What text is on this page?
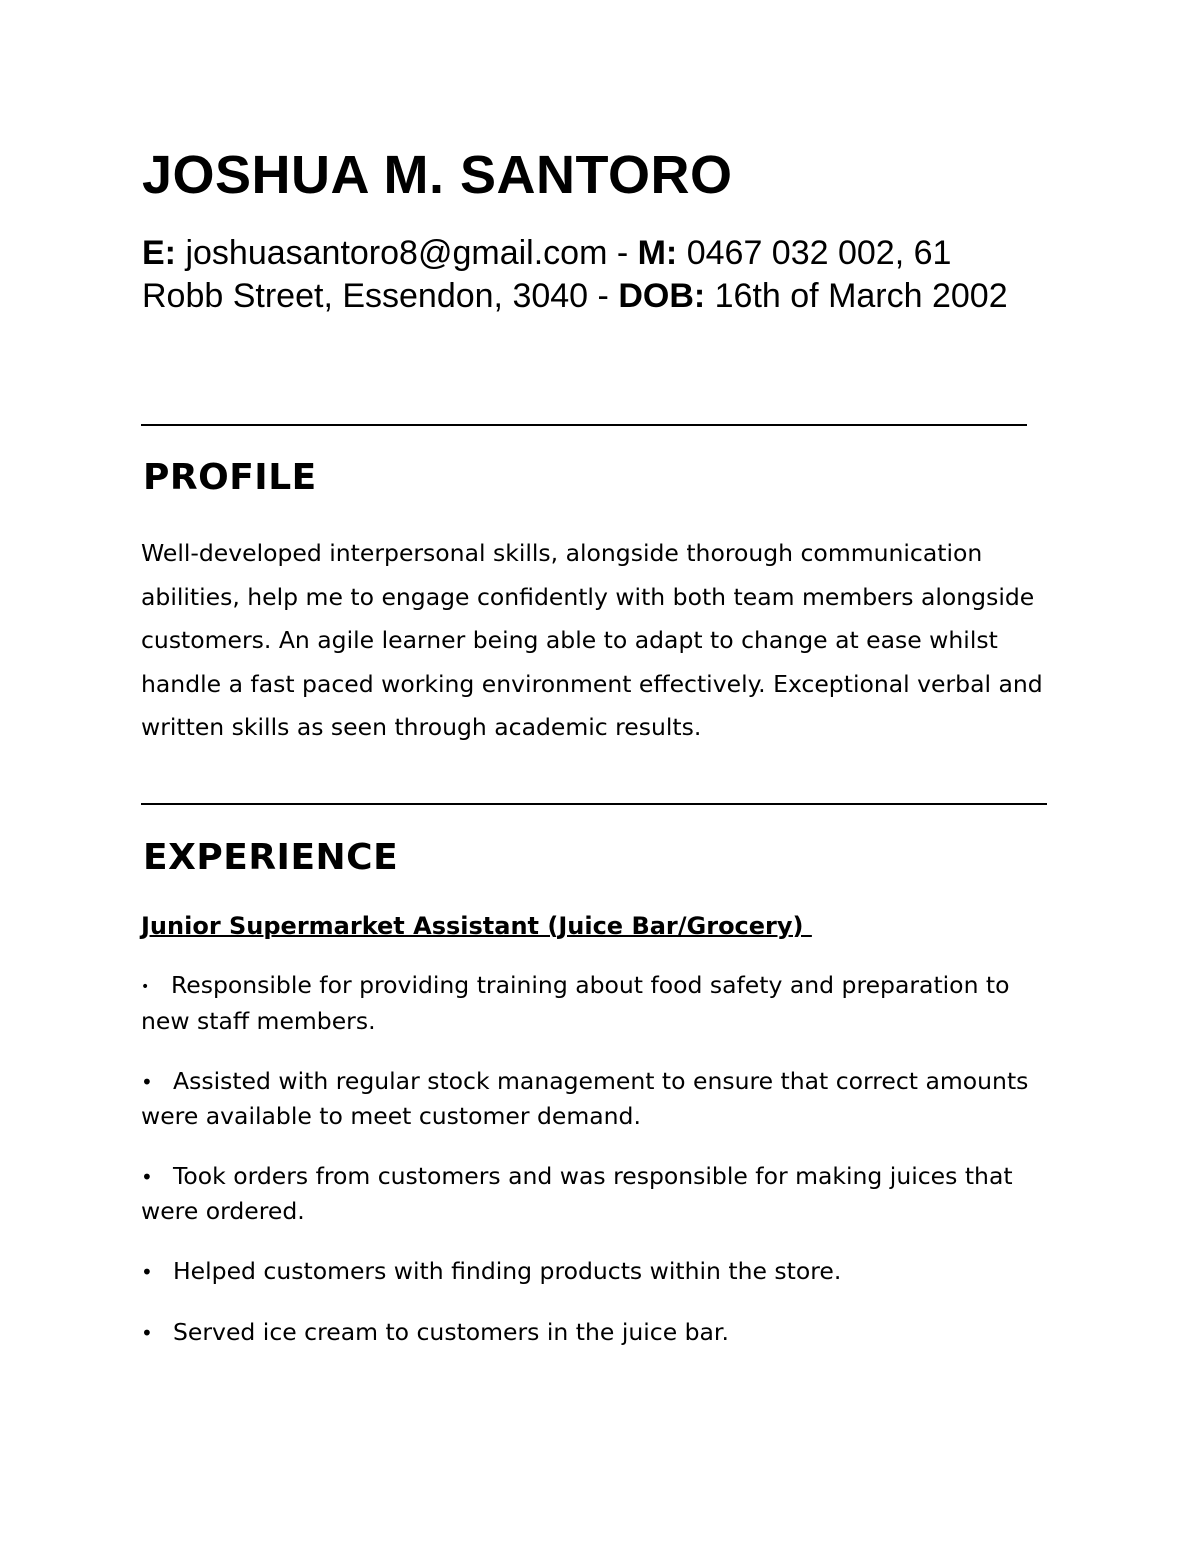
JOSHUA M. SANTORO

E: joshuasantoro8@gmail.com - M: 0467 032 002, 61 Robb Street, Essendon, 3040 - DOB: 16th of March 2002

PROFILE

Well-developed interpersonal skills, alongside thorough communication abilities, help me to engage confidently with both team members alongside customers. An agile learner being able to adapt to change at ease whilst handle a fast paced working environment effectively. Exceptional verbal and written skills as seen through academic results.

EXPERIENCE

Junior Supermarket Assistant (Juice Bar/Grocery)

• Responsible for providing training about food safety and preparation to new staff members.
• Assisted with regular stock management to ensure that correct amounts were available to meet customer demand.
• Took orders from customers and was responsible for making juices that were ordered.
• Helped customers with finding products within the store.
• Served ice cream to customers in the juice bar.
